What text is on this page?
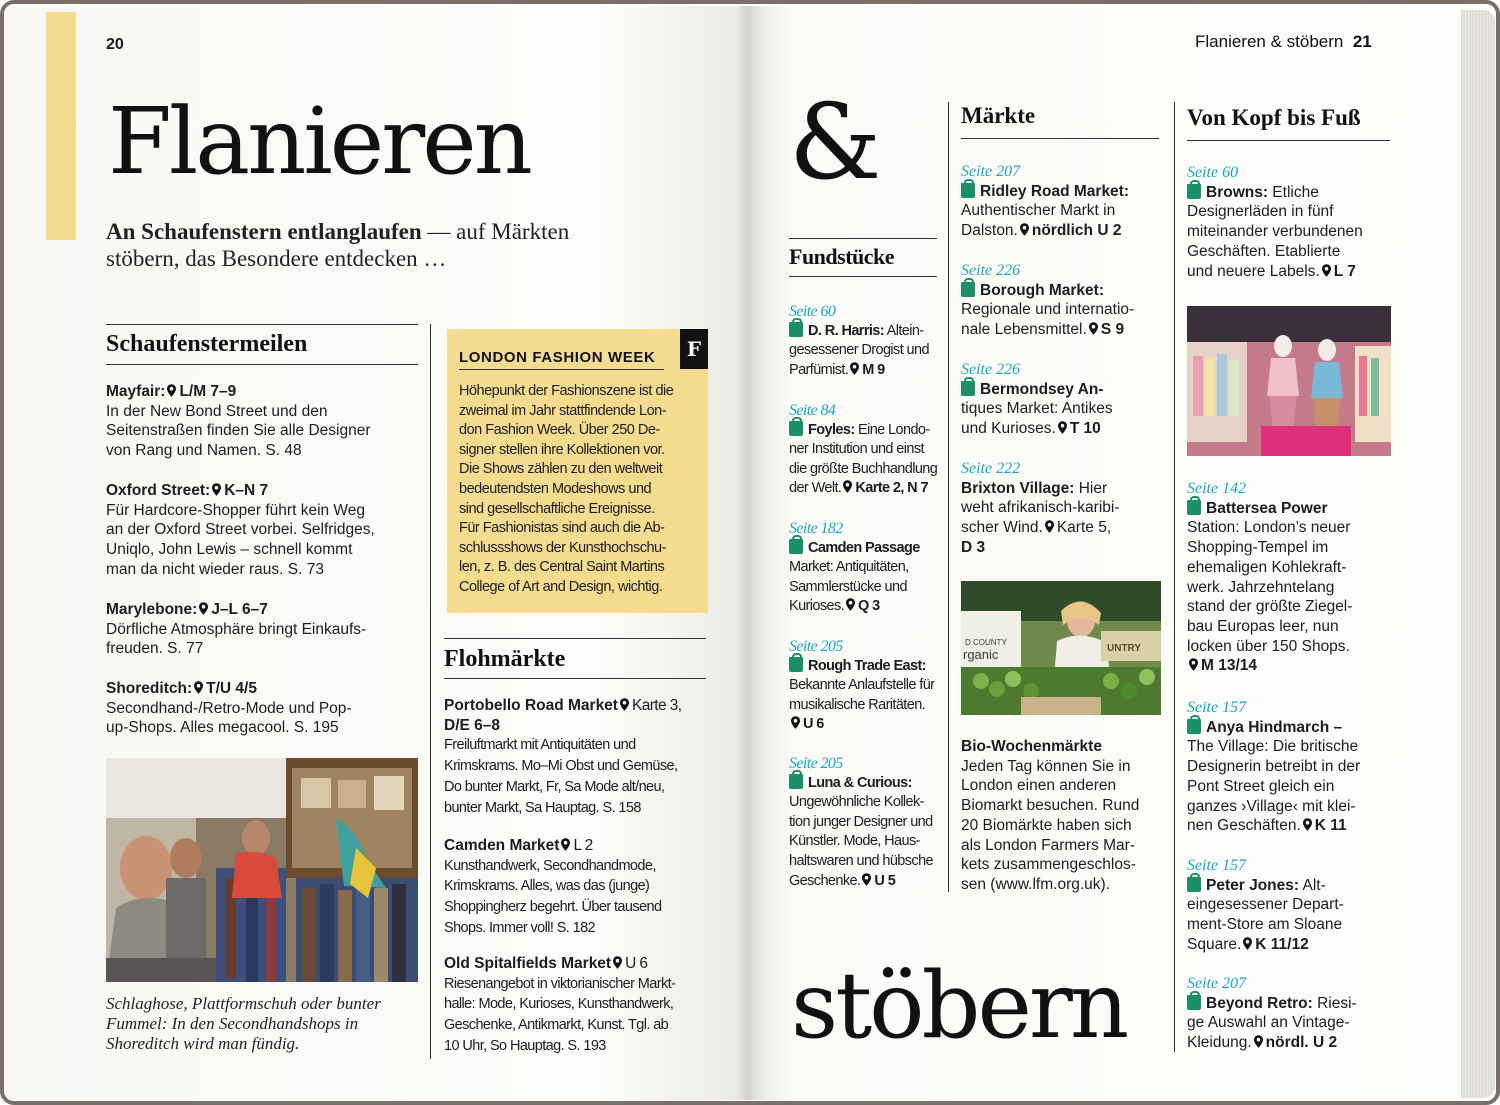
20
Flanieren
An Schaufenstern entlanglaufen — auf Märkten
stöbern, das Besondere entdecken …
Schaufenstermeilen
Mayfair: L/M 7–9
In der New Bond Street und den
Seitenstraßen finden Sie alle Designer
von Rang und Namen. S. 48
Oxford Street: K–N 7
Für Hardcore-Shopper führt kein Weg
an der Oxford Street vorbei. Selfridges,
Uniqlo, John Lewis – schnell kommt
man da nicht wieder raus. S. 73
Marylebone: J–L 6–7
Dörfliche Atmosphäre bringt Einkaufs-
freuden. S. 77
Shoreditch: T/U 4/5
Secondhand-/Retro-Mode und Pop-
up-Shops. Alles megacool. S. 195
Schlaghose, Plattformschuh oder bunter
Fummel: In den Secondhandshops in
Shoreditch wird man fündig.
F
LONDON FASHION WEEK
Höhepunkt der Fashionszene ist die
zweimal im Jahr stattfindende Lon-
don Fashion Week. Über 250 De-
signer stellen ihre Kollektionen vor.
Die Shows zählen zu den weltweit
bedeutendsten Modeshows und
sind gesellschaftliche Ereignisse.
Für Fashionistas sind auch die Ab-
schlussshows der Kunsthochschu-
len, z. B. des Central Saint Martins
College of Art and Design, wichtig.
Flohmärkte
Portobello Road Market Karte 3,
D/E 6–8
Freiluftmarkt mit Antiquitäten und
Krimskrams. Mo–Mi Obst und Gemüse,
Do bunter Markt, Fr, Sa Mode alt/neu,
bunter Markt, Sa Hauptag. S. 158
Camden Market L 2
Kunsthandwerk, Secondhandmode,
Krimskrams. Alles, was das (junge)
Shoppingherz begehrt. Über tausend
Shops. Immer voll! S. 182
Old Spitalfields Market U 6
Riesenangebot in viktorianischer Markt-
halle: Mode, Kurioses, Kunsthandwerk,
Geschenke, Antikmarkt, Kunst. Tgl. ab
10 Uhr, So Hauptag. S. 193
Flanieren & stöbern 21
&
Fundstücke
Seite 60
D. R. Harris: Altein-
gesessener Drogist und
Parfümist. M 9
Seite 84
Foyles: Eine Londo-
ner Institution und einst
die größte Buchhandlung
der Welt. Karte 2, N 7
Seite 182
Camden Passage
Market: Antiquitäten,
Sammlerstücke und
Kurioses. Q 3
Seite 205
Rough Trade East:
Bekannte Anlaufstelle für
musikalische Raritäten.
U 6
Seite 205
Luna & Curious:
Ungewöhnliche Kollek-
tion junger Designer und
Künstler. Mode, Haus-
haltswaren und hübsche
Geschenke. U 5
Märkte
Seite 207
Ridley Road Market:
Authentischer Markt in
Dalston. nördlich U 2
Seite 226
Borough Market:
Regionale und internatio-
nale Lebensmittel. S 9
Seite 226
Bermondsey An-
tiques Market: Antikes
und Kurioses. T 10
Seite 222
Brixton Village: Hier
weht afrikanisch-karibi-
scher Wind. Karte 5,
D 3
D COUNTY
rganic	UNTRY
Bio-Wochenmärkte
Jeden Tag können Sie in
London einen anderen
Biomarkt besuchen. Rund
20 Biomärkte haben sich
als London Farmers Mar-
kets zusammengeschlos-
sen (www.lfm.org.uk).
Von Kopf bis Fuß
Seite 60
Browns: Etliche
Designerläden in fünf
miteinander verbundenen
Geschäften. Etablierte
und neuere Labels. L 7
Seite 142
Battersea Power
Station: London’s neuer
Shopping-Tempel im
ehemaligen Kohlekraft-
werk. Jahrzehntelang
stand der größte Ziegel-
bau Europas leer, nun
locken über 150 Shops.
M 13/14
Seite 157
Anya Hindmarch –
The Village: Die britische
Designerin betreibt in der
Pont Street gleich ein
ganzes ›Village‹ mit klei-
nen Geschäften. K 11
Seite 157
Peter Jones: Alt-
eingesessener Depart-
ment-Store am Sloane
Square. K 11/12
Seite 207
Beyond Retro: Riesi-
ge Auswahl an Vintage-
Kleidung. nördl. U 2
stöbern
